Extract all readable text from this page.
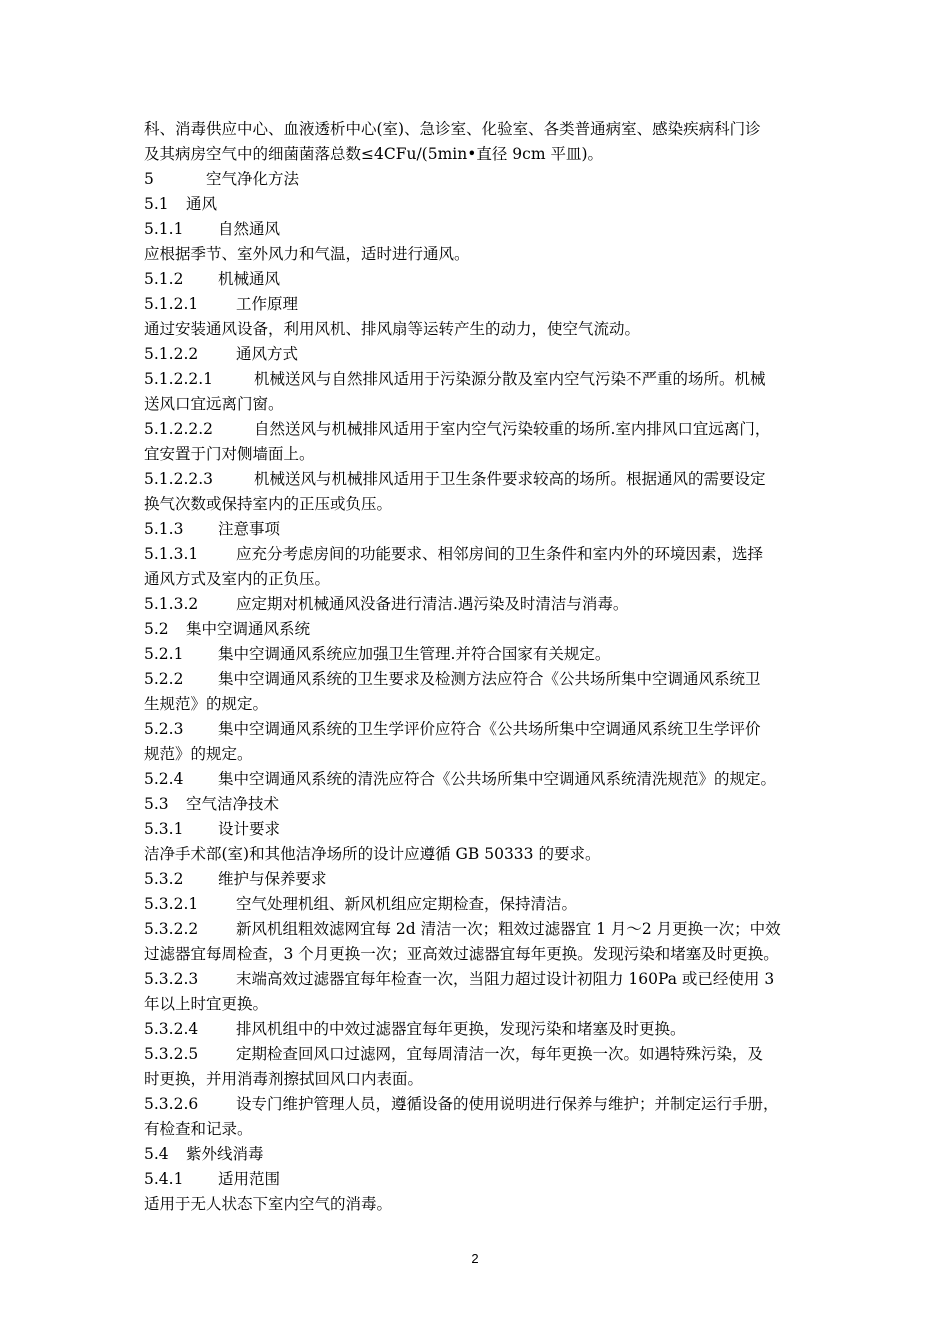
科、消毒供应中心、血液透析中心(室)、急诊室、化验室、各类普通病室、感染疾病科门诊
及其病房空气中的细菌菌落总数≤4CFu/(5min•直径 9cm 平皿)。
5	空气净化方法
5.1 通风
5.1.1 自然通风
应根据季节、室外风力和气温，适时进行通风。
5.1.2 机械通风
5.1.2.1 工作原理
通过安装通风设备，利用风机、排风扇等运转产生的动力，使空气流动。
5.1.2.2 通风方式
5.1.2.2.1	机械送风与自然排风适用于污染源分散及室内空气污染不严重的场所。机械
送风口宜远离门窗。
5.1.2.2.2	自然送风与机械排风适用于室内空气污染较重的场所.室内排风口宜远离门，
宜安置于门对侧墙面上。
5.1.2.2.3	机械送风与机械排风适用于卫生条件要求较高的场所。根据通风的需要设定
换气次数或保持室内的正压或负压。
5.1.3 注意事项
5.1.3.1 应充分考虑房间的功能要求、相邻房间的卫生条件和室内外的环境因素，选择
通风方式及室内的正负压。
5.1.3.2 应定期对机械通风没备进行清洁.遇污染及时清洁与消毒。
5.2 集中空调通风系统
5.2.1 集中空调通风系统应加强卫生管理.并符合国家有关规定。
5.2.2 集中空调通风系统的卫生要求及检测方法应符合《公共场所集中空调通风系统卫
生规范》的规定。
5.2.3 集中空调通风系统的卫生学评价应符合《公共场所集中空调通风系统卫生学评价
规范》的规定。
5.2.4 集中空调通风系统的清洗应符合《公共场所集中空调通风系统清洗规范》的规定。
5.3 空气洁净技术
5.3.1 设计要求
洁净手术部(室)和其他洁净场所的设计应遵循 GB 50333 的要求。
5.3.2 维护与保养要求
5.3.2.1 空气处理机组、新风机组应定期检查，保持清洁。
5.3.2.2 新风机组粗效滤网宜每 2d 清洁一次；粗效过滤器宜 1 月～2 月更换一次；中效
过滤器宜每周检查，3 个月更换一次；亚高效过滤器宜每年更换。发现污染和堵塞及时更换。
5.3.2.3 末端高效过滤器宜每年检查一次，当阻力超过设计初阻力 160Pa 或已经使用 3
年以上时宜更换。
5.3.2.4 排风机组中的中效过滤器宜每年更换，发现污染和堵塞及时更换。
5.3.2.5 定期检查回风口过滤网，宜每周清洁一次，每年更换一次。如遇特殊污染，及
时更换，并用消毒剂擦拭回风口内表面。
5.3.2.6 设专门维护管理人员，遵循设备的使用说明进行保养与维护；并制定运行手册，
有检查和记录。
5.4 紫外线消毒
5.4.1 适用范围
适用于无人状态下室内空气的消毒。
2
